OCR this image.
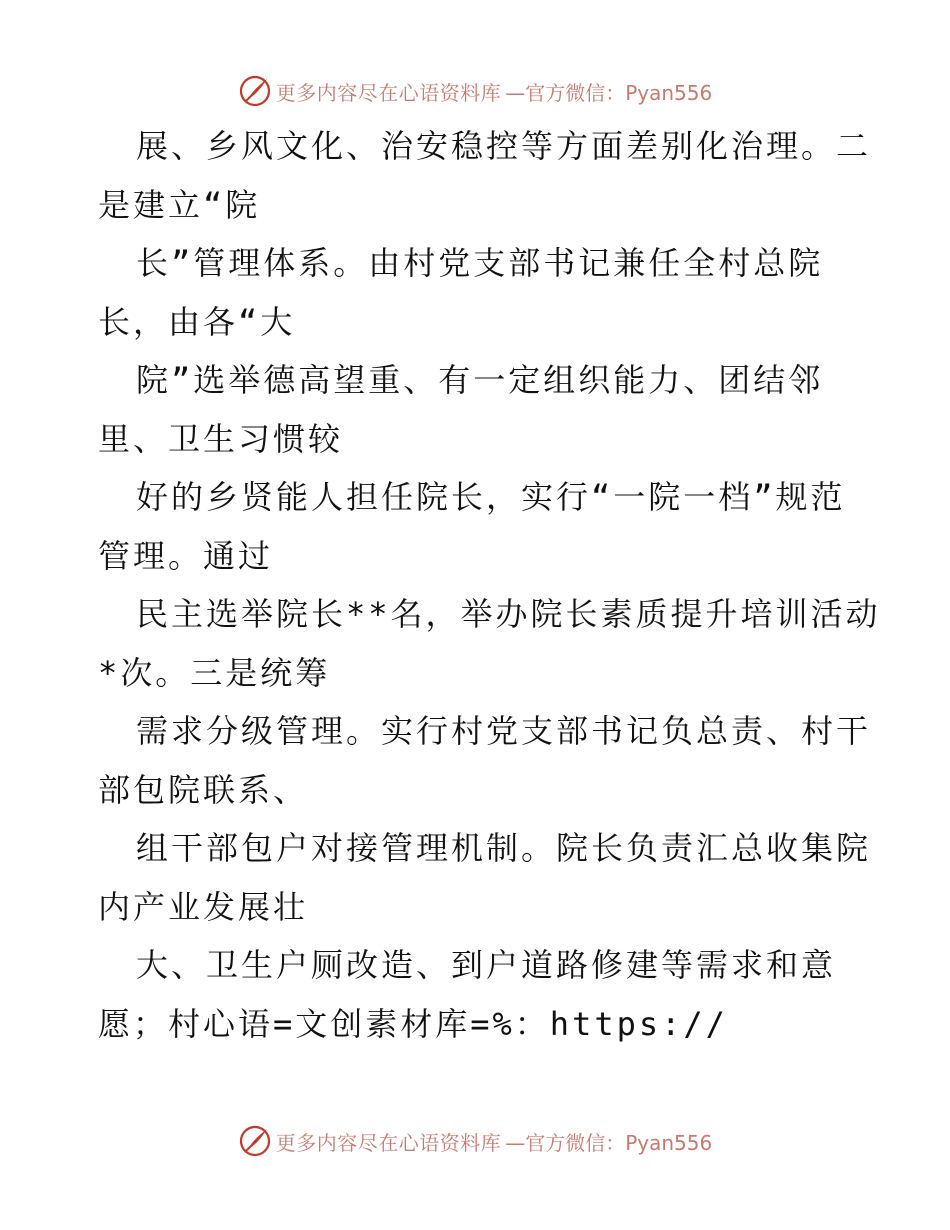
更多内容尽在心语资料库 —官方微信：Pyan556
展、乡风文化、治安稳控等方面差别化治理。二
是建立“院
长”管理体系。由村党支部书记兼任全村总院
长，由各“大
院”选举德高望重、有一定组织能力、团结邻
里、卫生习惯较
好的乡贤能人担任院长，实行“一院一档”规范
管理。通过
民主选举院长**名，举办院长素质提升培训活动
*次。三是统筹
需求分级管理。实行村党支部书记负总责、村干
部包院联系、
组干部包户对接管理机制。院长负责汇总收集院
内产业发展壮
大、卫生户厕改造、到户道路修建等需求和意
愿；村心语=文创素材库=%：https://
更多内容尽在心语资料库 —官方微信：Pyan556
